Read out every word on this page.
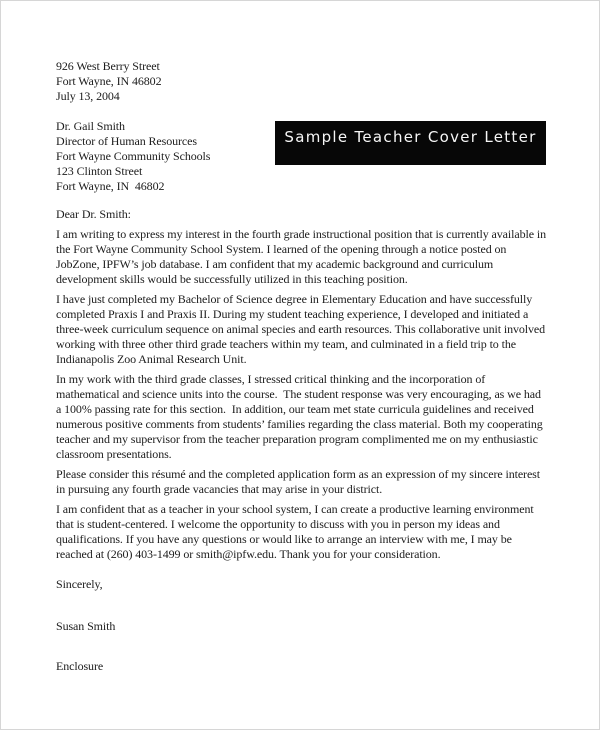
926 West Berry Street
Fort Wayne, IN 46802
July 13, 2004
Dr. Gail Smith
Director of Human Resources
Fort Wayne Community Schools
123 Clinton Street
Fort Wayne, IN  46802
Dear Dr. Smith:

I am writing to express my interest in the fourth grade instructional position that is currently available in the Fort Wayne Community School System. I learned of the opening through a notice posted on JobZone, IPFW’s job database. I am confident that my academic background and curriculum development skills would be successfully utilized in this teaching position.

I have just completed my Bachelor of Science degree in Elementary Education and have successfully completed Praxis I and Praxis II. During my student teaching experience, I developed and initiated a three-week curriculum sequence on animal species and earth resources. This collaborative unit involved working with three other third grade teachers within my team, and culminated in a field trip to the Indianapolis Zoo Animal Research Unit.

In my work with the third grade classes, I stressed critical thinking and the incorporation of mathematical and science units into the course.  The student response was very encouraging, as we had a 100% passing rate for this section.  In addition, our team met state curricula guidelines and received numerous positive comments from students’ families regarding the class material. Both my cooperating teacher and my supervisor from the teacher preparation program complimented me on my enthusiastic classroom presentations.

Please consider this résumé and the completed application form as an expression of my sincere interest in pursuing any fourth grade vacancies that may arise in your district.

I am confident that as a teacher in your school system, I can create a productive learning environment that is student-centered. I welcome the opportunity to discuss with you in person my ideas and qualifications. If you have any questions or would like to arrange an interview with me, I may be reached at (260) 403-1499 or smith@ipfw.edu. Thank you for your consideration.

Sincerely,
Susan Smith
Enclosure
Sample Teacher Cover Letter
